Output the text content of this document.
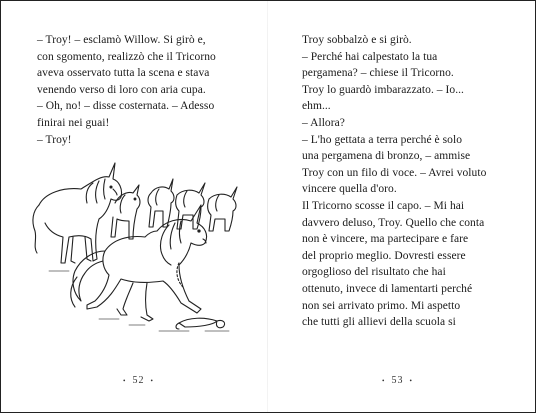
– Troy! – esclamò Willow. Si girò e,
con sgomento, realizzò che il Tricorno
aveva osservato tutta la scena e stava
venendo verso di loro con aria cupa.
– Oh, no! – disse costernata. – Adesso
finirai nei guai!
– Troy!
• 52 •
Troy sobbalzò e si girò.
– Perché hai calpestato la tua
pergamena? – chiese il Tricorno.
Troy lo guardò imbarazzato. – Io...
ehm...
– Allora?
– L'ho gettata a terra perché è solo
una pergamena di bronzo, – ammise
Troy con un filo di voce. – Avrei voluto
vincere quella d'oro.
Il Tricorno scosse il capo. – Mi hai
davvero deluso, Troy. Quello che conta
non è vincere, ma partecipare e fare
del proprio meglio. Dovresti essere
orgoglioso del risultato che hai
ottenuto, invece di lamentarti perché
non sei arrivato primo. Mi aspetto
che tutti gli allievi della scuola si
• 53 •
